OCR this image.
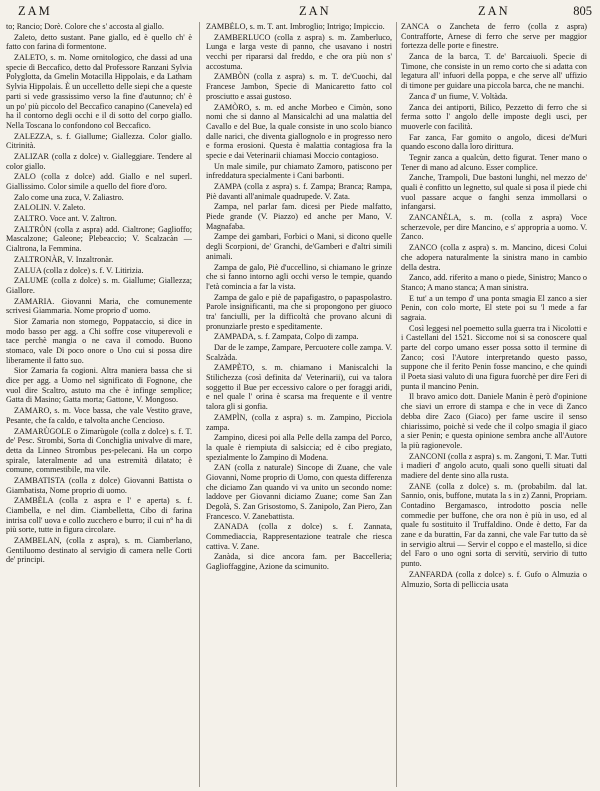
ZAM	ZAN	ZAN	805

to; Rancio; Dorè. Colore che s' accosta al giallo.

Zaleto, detto sustant. Pane giallo, ed è quello ch' è fatto con farina di formentone.

ZALETO, s. m. Nome ornitologico, che dassi ad una specie di Beccafico, detto dal Professore Ranzani Sylvia Polyglotta, da Gmelin Motacilla Hippolais, e da Latham Sylvia Hippolais. È un uccelletto delle siepi che a queste parti si vede grassissimo verso la fine d'autunno; ch' è un po' più piccolo del Beccafico canapino (Canevela) ed ha il contorno degli occhi e il di sotto del corpo giallo. Nella Toscana lo confondono col Beccafico.

ZALEZZA, s. f. Giallume; Giallezza. Color giallo. Citrinità.

ZALIZAR (colla z dolce) v. Gialleggiare. Tendere al color giallo.

ZALO (colla z dolce) add. Giallo e nel superl. Giallissimo. Color simile a quello del fiore d'oro.

Zalo come una zuca, V. Zaliastro.

ZALOLIN. V. Zaleto.

ZALTRO. Voce ant. V. Zaltron.

ZALTRÒN (colla z aspra) add. Cialtrone; Gaglioffo; Mascalzone; Galeone; Plebeaccio; V. Scalzacàn — Cialtrona, la Femmina.

ZALTRONÀR, V. Inzaltronàr.

ZALUA (colla z dolce) s. f. V. Litirizia.

ZALUME (colla z dolce) s. m. Giallume; Giallezza; Giallore.

ZAMARIA. Giovanni Maria, che comunemente scrivesi Giammaria. Nome proprio d' uomo.

Sior Zamaria non stomego, Poppataccio, si dice in modo basso per agg. a Chi soffre cose vituperevoli e tace perchè mangia o ne cava il comodo. Buono stomaco, vale Di poco onore o Uno cui si possa dire liberamente il fatto suo.

Sior Zamaria fa cogioni. Altra maniera bassa che si dice per agg. a Uomo nel significato di Fognone, che vuol dire Scaltro, astuto ma che è infinge semplice; Gatta di Masino; Gatta morta; Gattone, V. Mongoso.

ZAMARO, s. m. Voce bassa, che vale Vestito grave, Pesante, che fa caldo, e talvolta anche Cencioso.

ZAMARÙGOLE o Zimarùgole (colla z dolce) s. f. T. de' Pesc. Strombi, Sorta di Conchiglia univalve di mare, detta da Linneo Strombus pes-pelecani. Ha un corpo spirale, lateralmente ad una estremità dilatato; è comune, commestibile, ma vile.

ZAMBATISTA (colla z dolce) Giovanni Battista o Giambatista, Nome proprio di uomo.

ZAMBÈLA (colla z aspra e l' e aperta) s. f. Ciambella, e nel dim. Ciambelletta, Cibo di farina intrisa coll' uova e collo zucchero e burro; il cui n° ha di più sorte, tutte in figura circolare.

ZAMBELAN, (colla z aspra), s. m. Ciamberlano, Gentiluomo destinato al servigio di camera nelle Corti de' principi.

ZAMBÈLO, s. m. T. ant. Imbroglio; Intrigo; Impiccio.

ZAMBERLUCO (colla z aspra) s. m. Zamberluco, Lunga e larga veste di panno, che usavano i nostri vecchi per ripararsi dal freddo, e che ora più non s' accostuma.

ZAMBÒN (colla z aspra) s. m. T. de'Cuochi, dal Francese Jambon, Specie di Manicaretto fatto col prosciutto e assai gustoso.

ZAMÒRO, s. m. ed anche Morbeo e Cimòn, sono nomi che si danno al Mansicalchi ad una malattia del Cavallo e del Bue, la quale consiste in uno scolo bianco dalle narici, che diventa giallognolo e in progresso nero e forma erosioni. Questa è malattia contagiosa fra la specie e dai Veterinarii chiamasi Moccio contagioso.

Un male simile, pur chiamato Zamoro, patiscono per infreddatura specialmente i Cani barbonti.

ZAMPA (colla z aspra) s. f. Zampa; Branca; Rampa, Piè davanti all'animale quadrupede. V. Zata.

Zampa, nel parlar fam. dicesi per Piede malfatto, Piede grande (V. Piazzo) ed anche per Mano, V. Magnafaba.

Zampe dei gambari, Forbici o Mani, si dicono quelle degli Scorpioni, de' Granchi, de'Gamberi e d'altri simili animali.

Zampa de galo, Piè d'uccellino, si chiamano le grinze che si fanno intorno agli occhi verso le tempie, quando l'età comincia a far la vista.

Zampa de galo e piè de papafigastro, o papaspolastro. Parole insignificanti, ma che si propongono per giuoco tra' fanciulli, per la difficoltà che provano alcuni di pronunziarle presto e speditamente.

ZAMPADA, s. f. Zampata, Colpo di zampa.

Dar de le zampe, Zampare, Percuotere colle zampa. V. Scalzàda.

ZAMPÈTO, s. m. chiamano i Maniscalchi la Stilichezza (così definita da' Veterinarii), cui va talora soggetto il Bue per eccessivo calore o per foraggi aridi, e nel quale l' orina è scarsa ma frequente e il ventre talora gli si gonfia.

ZAMPÌN, (colla z aspra) s. m. Zampino, Picciola zampa.

Zampino, dicesi poi alla Pelle della zampa del Porco, la quale è riempiuta di salsiccia; ed è cibo pregiato, spezialmente lo Zampino di Modena.

ZAN (colla z naturale) Sincope di Zuane, che vale Giovanni, Nome proprio di Uomo, con questa differenza che diciamo Zan quando vi va unito un secondo nome: laddove per Giovanni diciamo Zuane; come San Zan Degolà, S. Zan Grisostomo, S. Zanipolo, Zan Piero, Zan Francesco. V. Zanebattista.

ZANADA (colla z dolce) s. f. Zannata, Commediaccia, Rappresentazione teatrale che riesca cattiva. V. Zane.

Zanàda, si dice ancora fam. per Baccelleria; Gaglioffaggine, Azione da scimunito.

ZANCA o Zancheta de ferro (colla z aspra) Contrafforte, Arnese di ferro che serve per maggior fortezza delle porte e finestre.

Zanca de la barca, T. de' Barcaiuoli. Specie di Timone, che consiste in un remo corto che si adatta con legatura all' infuori della poppa, e che serve all' uffizio di timone per guidare una piccola barca, che ne manchi.

Zanca d' un fiume, V. Voltàda.

Zanca dei antiporti, Bilico, Pezzetto di ferro che si ferma sotto l' angolo delle imposte degli usci, per muoverle con facilità.

Far zanca, Far gomito o angolo, dicesi de'Muri quando escono dalla loro dirittura.

Tegnir zanca a qualcùn, detto figurat. Tener mano o Tener di mano ad alcuno. Esser complice.

Zanche, Trampoli, Due bastoni lunghi, nel mezzo de' quali è confitto un legnetto, sul quale si posa il piede chi vuol passare acque o fanghi senza immollarsi o infangarsi.

ZANCANÈLA, s. m. (colla z aspra) Voce scherzevole, per dire Mancino, e s' appropria a uomo. V. Zanco.

ZANCO (colla z aspra) s. m. Mancino, dicesi Colui che adopera naturalmente la sinistra mano in cambio della destra.

Zanco, add. riferito a mano o piede, Sinistro; Manco o Stanco; A mano stanca; A man sinistra.

E tut' a un tempo d' una ponta smagia El zanco a sier Penin, con colo morte, El stete poi su 'l mede a far sagraia.

Così leggesi nel poemetto sulla guerra tra i Nicolotti e i Castellani del 1521. Siccome noi si sa conoscere qual parte del corpo umano esser possa sotto il termine di Zanco; così l'Autore interpretando questo passo, suppone che il ferito Penin fosse mancino, e che quindi il Poeta siasi valuto di una figura fuorchè per dire Feri di punta il mancino Penin.

Il bravo amico dott. Daniele Manin è però d'opinione che siavi un errore di stampa e che in vece di Zanco debba dire Zaco (Giaco) per farne uscire il senso chiarissimo, poichè si vede che il colpo smagia il giaco a sier Penin; e questa opinione sembra anche all'Autore la più ragionevole.

ZANCONI (colla z aspra) s. m. Zangoni, T. Mar. Tutti i madieri d' angolo acuto, quali sono quelli situati dal madiere del dente sino alla rusta.

ZANE (colla z dolce) s. m. (probabilm. dal lat. Sannio, onis, buffone, mutata la s in z) Zanni, Propriam. Contadino Bergamasco, introdotto poscia nelle commedie per buffone, che ora non è più in uso, ed al quale fu sostituito il Truffaldino. Onde è detto, Far da zane e da burattin, Far da zanni, che vale Far tutto da sè in servigio altrui — Servir el coppo e el mastello, si dice del Faro o uno ogni sorta di servitù, servirio di tutto punto.

ZANFARDA (colla z dolce) s. f. Gufo o Almuzia o Almuzio, Sorta di pelliccia usata
